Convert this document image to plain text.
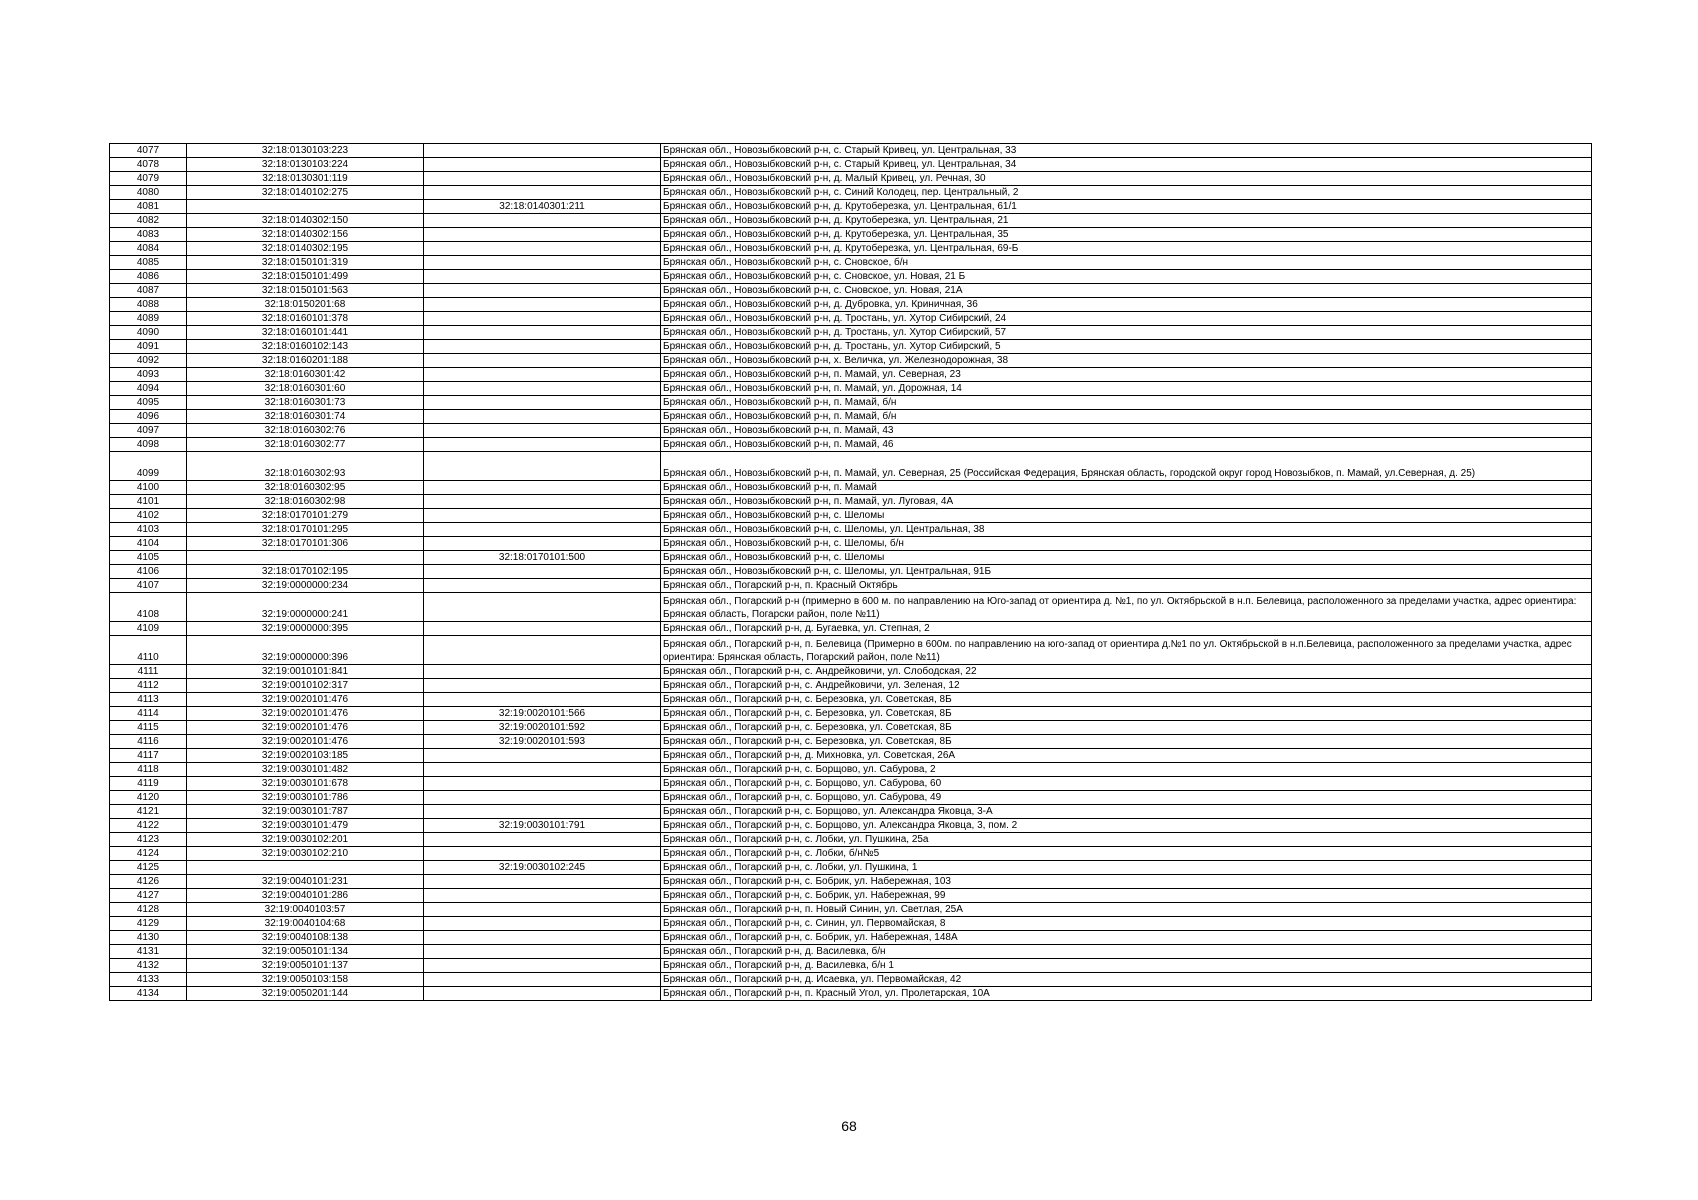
4077	32:18:0130103:223		Брянская обл., Новозыбковский р-н, с. Старый Кривец, ул. Центральная, 33
4078	32:18:0130103:224		Брянская обл., Новозыбковский р-н, с. Старый Кривец, ул. Центральная, 34
4079	32:18:0130301:119		Брянская обл., Новозыбковский р-н, д. Малый Кривец, ул. Речная, 30
4080	32:18:0140102:275		Брянская обл., Новозыбковский р-н, с. Синий Колодец, пер. Центральный, 2
4081		32:18:0140301:211	Брянская обл., Новозыбковский р-н, д. Крутоберезка, ул. Центральная, 61/1
4082	32:18:0140302:150		Брянская обл., Новозыбковский р-н, д. Крутоберезка, ул. Центральная, 21
4083	32:18:0140302:156		Брянская обл., Новозыбковский р-н, д. Крутоберезка, ул. Центральная, 35
4084	32:18:0140302:195		Брянская обл., Новозыбковский р-н, д. Крутоберезка, ул. Центральная, 69-Б
4085	32:18:0150101:319		Брянская обл., Новозыбковский р-н, с. Сновское, б/н
4086	32:18:0150101:499		Брянская обл., Новозыбковский р-н, с. Сновское, ул. Новая, 21 Б
4087	32:18:0150101:563		Брянская обл., Новозыбковский р-н, с. Сновское, ул. Новая, 21А
4088	32:18:0150201:68		Брянская обл., Новозыбковский р-н, д. Дубровка, ул. Криничная, 36
4089	32:18:0160101:378		Брянская обл., Новозыбковский р-н, д. Тростань, ул. Хутор Сибирский, 24
4090	32:18:0160101:441		Брянская обл., Новозыбковский р-н, д. Тростань, ул. Хутор Сибирский, 57
4091	32:18:0160102:143		Брянская обл., Новозыбковский р-н, д. Тростань, ул. Хутор Сибирский, 5
4092	32:18:0160201:188		Брянская обл., Новозыбковский р-н, х. Величка, ул. Железнодорожная, 38
4093	32:18:0160301:42		Брянская обл., Новозыбковский р-н, п. Мамай, ул. Северная, 23
4094	32:18:0160301:60		Брянская обл., Новозыбковский р-н, п. Мамай, ул. Дорожная, 14
4095	32:18:0160301:73		Брянская обл., Новозыбковский р-н, п. Мамай, б/н
4096	32:18:0160301:74		Брянская обл., Новозыбковский р-н, п. Мамай, б/н
4097	32:18:0160302:76		Брянская обл., Новозыбковский р-н, п. Мамай, 43
4098	32:18:0160302:77		Брянская обл., Новозыбковский р-н, п. Мамай, 46
4099	32:18:0160302:93		Брянская обл., Новозыбковский р-н, п. Мамай, ул. Северная, 25 (Российская Федерация, Брянская область, городской округ город Новозыбков, п. Мамай, ул.Северная, д. 25)
4100	32:18:0160302:95		Брянская обл., Новозыбковский р-н, п. Мамай
4101	32:18:0160302:98		Брянская обл., Новозыбковский р-н, п. Мамай, ул. Луговая, 4А
4102	32:18:0170101:279		Брянская обл., Новозыбковский р-н, с. Шеломы
4103	32:18:0170101:295		Брянская обл., Новозыбковский р-н, с. Шеломы, ул. Центральная, 38
4104	32:18:0170101:306		Брянская обл., Новозыбковский р-н, с. Шеломы, б/н
4105		32:18:0170101:500	Брянская обл., Новозыбковский р-н, с. Шеломы
4106	32:18:0170102:195		Брянская обл., Новозыбковский р-н, с. Шеломы, ул. Центральная, 91Б
4107	32:19:0000000:234		Брянская обл., Погарский р-н, п. Красный Октябрь
4108	32:19:0000000:241		Брянская обл., Погарский р-н (примерно в 600 м. по направлению на Юго-запад от ориентира д. №1, по ул. Октябрьской в н.п. Белевица, расположенного за пределами участка, адрес ориентира: Брянская область, Погарски район, поле №11)
4109	32:19:0000000:395		Брянская обл., Погарский р-н, д. Бугаевка, ул. Степная, 2
4110	32:19:0000000:396		Брянская обл., Погарский р-н, п. Белевица (Примерно в 600м. по направлению на юго-запад от ориентира д.№1 по ул. Октябрьской в н.п.Белевица, расположенного за пределами участка, адрес ориентира: Брянская область, Погарский район, поле №11)
4111	32:19:0010101:841		Брянская обл., Погарский р-н, с. Андрейковичи, ул. Слободская, 22
4112	32:19:0010102:317		Брянская обл., Погарский р-н, с. Андрейковичи, ул. Зеленая, 12
4113	32:19:0020101:476		Брянская обл., Погарский р-н, с. Березовка, ул. Советская, 8Б
4114	32:19:0020101:476	32:19:0020101:566	Брянская обл., Погарский р-н, с. Березовка, ул. Советская, 8Б
4115	32:19:0020101:476	32:19:0020101:592	Брянская обл., Погарский р-н, с. Березовка, ул. Советская, 8Б
4116	32:19:0020101:476	32:19:0020101:593	Брянская обл., Погарский р-н, с. Березовка, ул. Советская, 8Б
4117	32:19:0020103:185		Брянская обл., Погарский р-н, д. Михновка, ул. Советская, 26А
4118	32:19:0030101:482		Брянская обл., Погарский р-н, с. Борщово, ул. Сабурова, 2
4119	32:19:0030101:678		Брянская обл., Погарский р-н, с. Борщово, ул. Сабурова, 60
4120	32:19:0030101:786		Брянская обл., Погарский р-н, с. Борщово, ул. Сабурова, 49
4121	32:19:0030101:787		Брянская обл., Погарский р-н, с. Борщово, ул. Александра Яковца, 3-А
4122	32:19:0030101:479	32:19:0030101:791	Брянская обл., Погарский р-н, с. Борщово, ул. Александра Яковца, 3, пом. 2
4123	32:19:0030102:201		Брянская обл., Погарский р-н, с. Лобки, ул. Пушкина, 25а
4124	32:19:0030102:210		Брянская обл., Погарский р-н, с. Лобки, б/н№5
4125		32:19:0030102:245	Брянская обл., Погарский р-н, с. Лобки, ул. Пушкина, 1
4126	32:19:0040101:231		Брянская обл., Погарский р-н, с. Бобрик, ул. Набережная, 103
4127	32:19:0040101:286		Брянская обл., Погарский р-н, с. Бобрик, ул. Набережная, 99
4128	32:19:0040103:57		Брянская обл., Погарский р-н, п. Новый Синин, ул. Светлая, 25А
4129	32:19:0040104:68		Брянская обл., Погарский р-н, с. Синин, ул. Первомайская, 8
4130	32:19:0040108:138		Брянская обл., Погарский р-н, с. Бобрик, ул. Набережная, 148А
4131	32:19:0050101:134		Брянская обл., Погарский р-н, д. Василевка, б/н
4132	32:19:0050101:137		Брянская обл., Погарский р-н, д. Василевка, б/н 1
4133	32:19:0050103:158		Брянская обл., Погарский р-н, д. Исаевка, ул. Первомайская, 42
4134	32:19:0050201:144		Брянская обл., Погарский р-н, п. Красный Угол, ул. Пролетарская, 10А
68
